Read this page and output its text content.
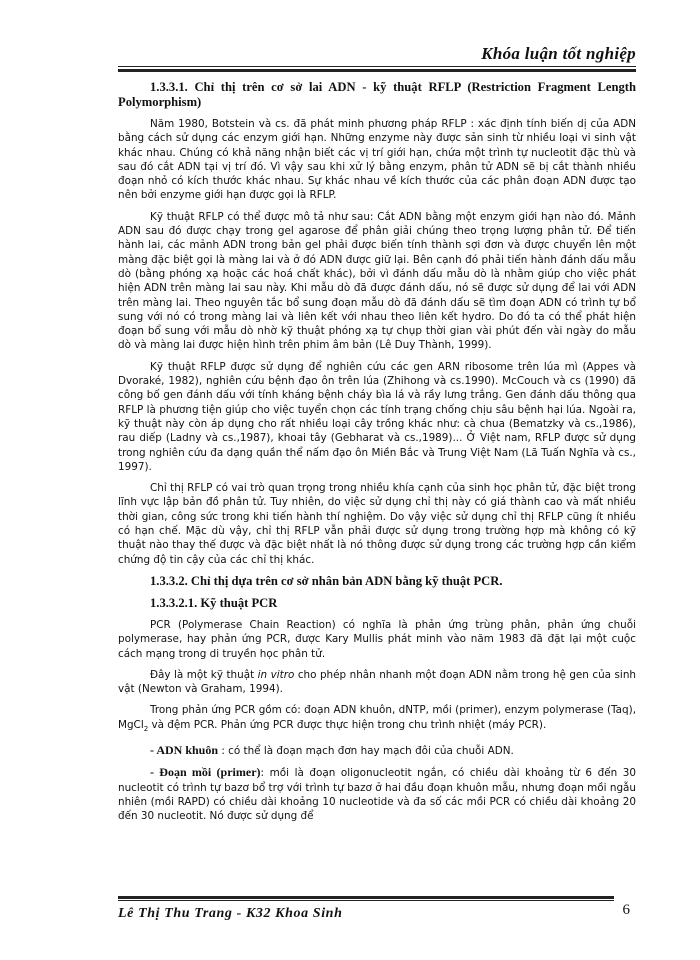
Khóa luận tốt nghiệp

1.3.3.1. Chỉ thị trên cơ sở lai ADN - kỹ thuật RFLP (Restriction Fragment Length Polymorphism)

Năm 1980, Botstein và cs. đã phát minh phương pháp RFLP : xác định tính biến dị của ADN bằng cách sử dụng các enzym giới hạn. Những enzyme này được sản sinh từ nhiều loại vi sinh vật khác nhau. Chúng có khả năng nhận biết các vị trí giới hạn, chứa một trình tự nucleotit đặc thù và sau đó cắt ADN tại vị trí đó. Vì vậy sau khi xử lý bằng enzym, phân tử ADN sẽ bị cắt thành nhiều đoạn nhỏ có kích thước khác nhau. Sự khác nhau về kích thước của các phân đoạn ADN được tạo nên bởi enzyme giới hạn được gọi là RFLP.

Kỹ thuật RFLP có thể được mô tả như sau: Cắt ADN bằng một enzym giới hạn nào đó. Mảnh ADN sau đó được chạy trong gel agarose để phân giải chúng theo trọng lượng phân tử. Để tiến hành lai, các mảnh ADN trong bản gel phải được biến tính thành sợi đơn và được chuyển lên một màng đặc biệt gọi là màng lai và ở đó ADN được giữ lại. Bên cạnh đó phải tiến hành đánh dấu mẫu dò (bằng phóng xạ hoặc các hoá chất khác), bởi vì đánh dấu mẫu dò là nhằm giúp cho việc phát hiện ADN trên màng lai sau này. Khi mẫu dò đã được đánh dấu, nó sẽ được sử dụng để lai với ADN trên màng lai. Theo nguyên tắc bổ sung đoạn mẫu dò đã đánh dấu sẽ tìm đoạn ADN có trình tự bổ sung với nó có trong màng lai và liên kết với nhau theo liên kết hydro. Do đó ta có thể phát hiện đoạn bổ sung với mẫu dò nhờ kỹ thuật phóng xạ tự chụp thời gian vài phút đến vài ngày do mẫu dò và màng lai được hiện hình trên phim âm bản (Lê Duy Thành, 1999).

Kỹ thuật RFLP được sử dụng để nghiên cứu các gen ARN ribosome trên lúa mì (Appes và Dvoraké, 1982), nghiên cứu bệnh đạo ôn trên lúa (Zhihong và cs.1990). McCouch và cs (1990) đã công bố gen đánh dấu với tính kháng bệnh cháy bìa lá và rầy lưng trắng. Gen đánh dấu thông qua RFLP là phương tiện giúp cho việc tuyển chọn các tính trạng chống chịu sâu bệnh hại lúa. Ngoài ra, kỹ thuật này còn áp dụng cho rất nhiều loại cây trồng khác như: cà chua (Bematzky và cs.,1986), rau diếp (Ladny và cs.,1987), khoai tây (Gebharat và cs.,1989)... Ở Việt nam, RFLP được sử dụng trong nghiên cứu đa dạng quần thể nấm đạo ôn Miền Bắc và Trung Việt Nam (Lã Tuấn Nghĩa và cs., 1997).

Chỉ thị RFLP có vai trò quan trọng trong nhiều khía cạnh của sinh học phân tử, đặc biệt trong lĩnh vực lập bản đồ phân tử. Tuy nhiên, do việc sử dụng chỉ thị này có giá thành cao và mất nhiều thời gian, công sức trong khi tiến hành thí nghiệm. Do vậy việc sử dụng chỉ thị RFLP cũng ít nhiều có hạn chế. Mặc dù vậy, chỉ thị RFLP vẫn phải được sử dụng trong trường hợp mà không có kỹ thuật nào thay thế được và đặc biệt nhất là nó thông được sử dụng trong các trường hợp cần kiểm chứng độ tin cậy của các chỉ thị khác.

1.3.3.2. Chỉ thị dựa trên cơ sở nhân bản ADN bằng kỹ thuật PCR.

1.3.3.2.1. Kỹ thuật PCR

PCR (Polymerase Chain Reaction) có nghĩa là phản ứng trùng phân, phản ứng chuỗi polymerase, hay phản ứng PCR, được Kary Mullis phát minh vào năm 1983 đã đặt lại một cuộc cách mạng trong di truyền học phân tử.

Đây là một kỹ thuật in vitro cho phép nhân nhanh một đoạn ADN nằm trong hệ gen của sinh vật (Newton và Graham, 1994).

Trong phản ứng PCR gồm có: đoạn ADN khuôn, dNTP, mồi (primer), enzym polymerase (Taq), MgCl$_2$ và đệm PCR. Phản ứng PCR được thực hiện trong chu trình nhiệt (máy PCR).

- ADN khuôn : có thể là đoạn mạch đơn hay mạch đôi của chuỗi ADN.

- Đoạn mồi (primer): mồi là đoạn oligonucleotit ngắn, có chiều dài khoảng từ 6 đến 30 nucleotit có trình tự bazơ bổ trợ với trình tự bazơ ở hai đầu đoạn khuôn mẫu, nhưng đoạn mồi ngẫu nhiên (mồi RAPD) có chiều dài khoảng 10 nucleotide và đa số các mồi PCR có chiều dài khoảng 20 đến 30 nucleotit. Nó được sử dụng để

Lê Thị Thu Trang - K32 Khoa Sinh	6
